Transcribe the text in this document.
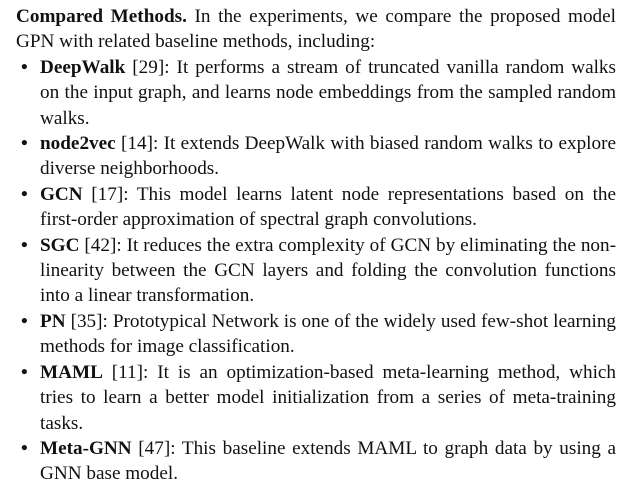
Compared Methods. In the experiments, we compare the proposed model GPN with related baseline methods, including:

• DeepWalk [29]: It performs a stream of truncated vanilla random walks on the input graph, and learns node embeddings from the sampled random walks.
• node2vec [14]: It extends DeepWalk with biased random walks to explore diverse neighborhoods.
• GCN [17]: This model learns latent node representations based on the first-order approximation of spectral graph convolutions.
• SGC [42]: It reduces the extra complexity of GCN by eliminating the non-linearity between the GCN layers and folding the convolution functions into a linear transformation.
• PN [35]: Prototypical Network is one of the widely used few-shot learning methods for image classification.
• MAML [11]: It is an optimization-based meta-learning method, which tries to learn a better model initialization from a series of meta-training tasks.
• Meta-GNN [47]: This baseline extends MAML to graph data by using a GNN base model.
